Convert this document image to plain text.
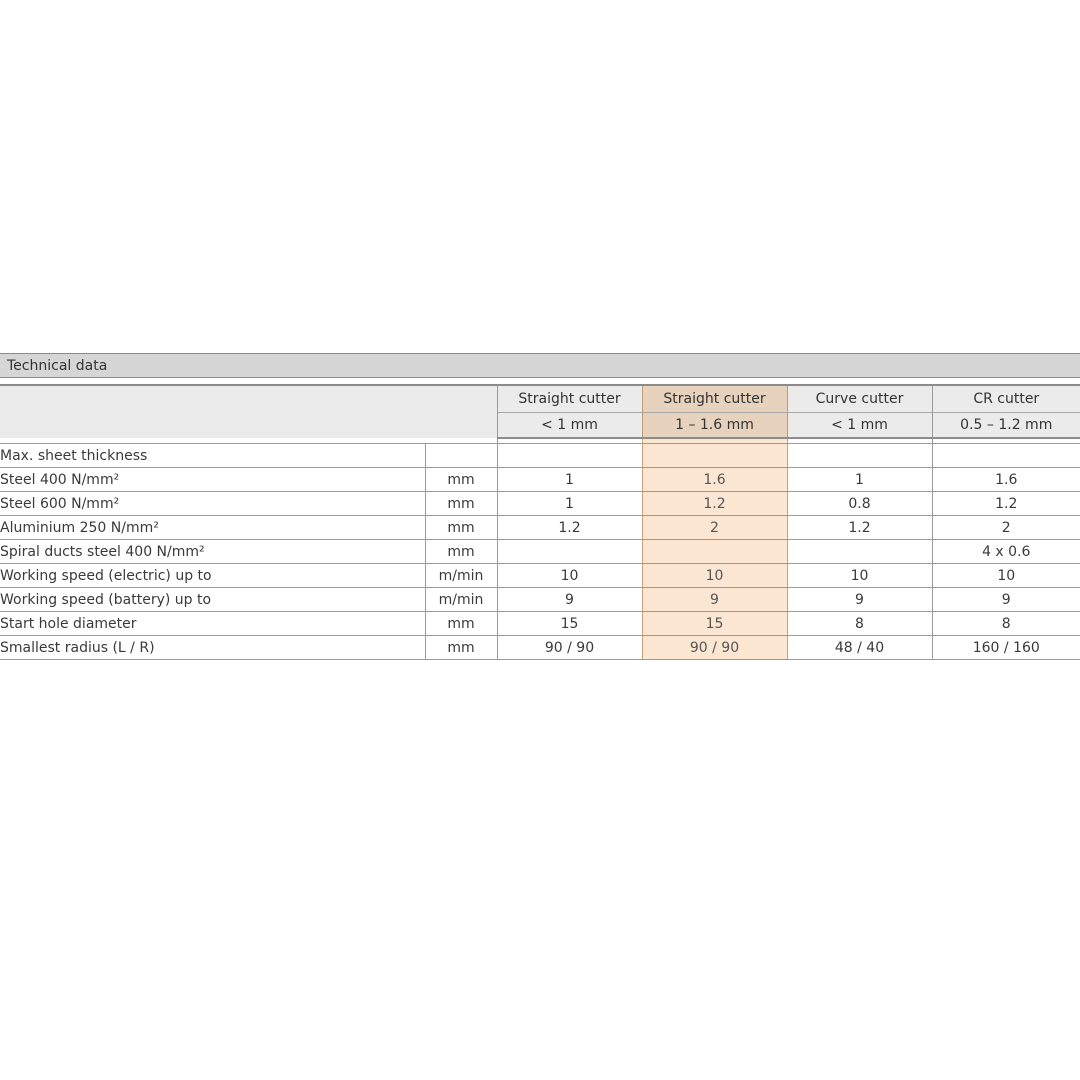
Technical data
		Straight cutter	Straight cutter	Curve cutter	CR cutter
		< 1 mm	1 – 1.6 mm	< 1 mm	0.5 – 1.2 mm

Max. sheet thickness					
Steel 400 N/mm²	mm	1	1.6	1	1.6
Steel 600 N/mm²	mm	1	1.2	0.8	1.2
Aluminium 250 N/mm²	mm	1.2	2	1.2	2
Spiral ducts steel 400 N/mm²	mm				4 x 0.6
Working speed (electric) up to	m/min	10	10	10	10
Working speed (battery) up to	m/min	9	9	9	9
Start hole diameter	mm	15	15	8	8
Smallest radius (L / R)	mm	90 / 90	90 / 90	48 / 40	160 / 160
